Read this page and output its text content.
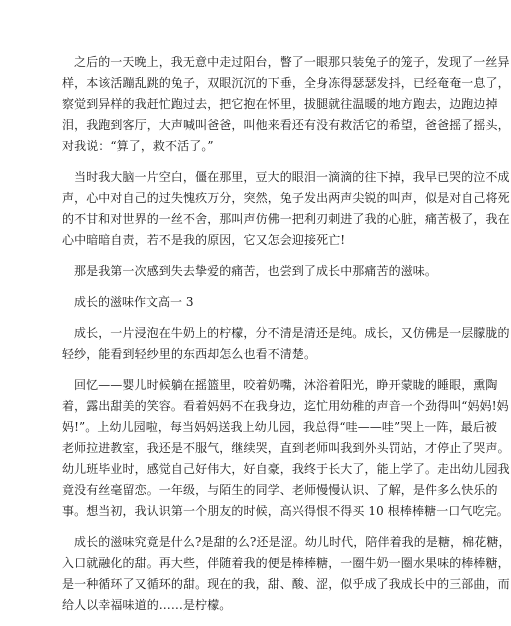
之后的一天晚上，我无意中走过阳台，瞥了一眼那只装兔子的笼子，发现了一丝异
样，本该活蹦乱跳的兔子，双眼沉沉的下垂，全身冻得瑟瑟发抖，已经奄奄一息了，
察觉到异样的我赶忙跑过去，把它抱在怀里，拔腿就往温暖的地方跑去，边跑边掉
泪，我跑到客厅，大声喊叫爸爸，叫他来看还有没有救活它的希望，爸爸摇了摇头，
对我说：“算了，救不活了。”

当时我大脑一片空白，僵在那里，豆大的眼泪一滴滴的往下掉，我早已哭的泣不成
声，心中对自己的过失愧疚万分，突然，兔子发出两声尖锐的叫声，似是对自己将死
的不甘和对世界的一丝不舍，那叫声仿佛一把利刃刺进了我的心脏，痛苦极了，我在
心中暗暗自责，若不是我的原因，它又怎会迎接死亡!

那是我第一次感到失去挚爱的痛苦，也尝到了成长中那痛苦的滋味。

成长的滋味作文高一 3

成长，一片浸泡在牛奶上的柠檬，分不清是清还是纯。成长，又仿佛是一层朦胧的
轻纱，能看到轻纱里的东西却怎么也看不清楚。

回忆——婴儿时候躺在摇篮里，咬着奶嘴，沐浴着阳光，睁开蒙眬的睡眼，熏陶
着，露出甜美的笑容。看着妈妈不在我身边，迄忙用幼稚的声音一个劲得叫“妈妈!妈
妈!”。上幼儿园啦，每当妈妈送我上幼儿园，我总得“哇——哇”哭上一阵，最后被
老师拉进教室，我还是不服气，继续哭，直到老师叫我到外头罚站，才停止了哭声。
幼儿班毕业时，感觉自己好伟大，好自豪，我终于长大了，能上学了。走出幼儿园我
竟没有丝毫留恋。一年级，与陌生的同学、老师慢慢认识、了解，是件多么快乐的
事。想当初，我认识第一个朋友的时候，高兴得恨不得买 10 根棒棒糖一口气吃完。

成长的滋味究竟是什么?是甜的么?还是涩。幼儿时代，陪伴着我的是糖，棉花糖，
入口就融化的甜。再大些，伴随着我的便是棒棒糖，一圈牛奶一圈水果味的棒棒糖，
是一种循环了又循环的甜。现在的我，甜、酸、涩，似乎成了我成长中的三部曲，而
给人以幸福味道的……是柠檬。
